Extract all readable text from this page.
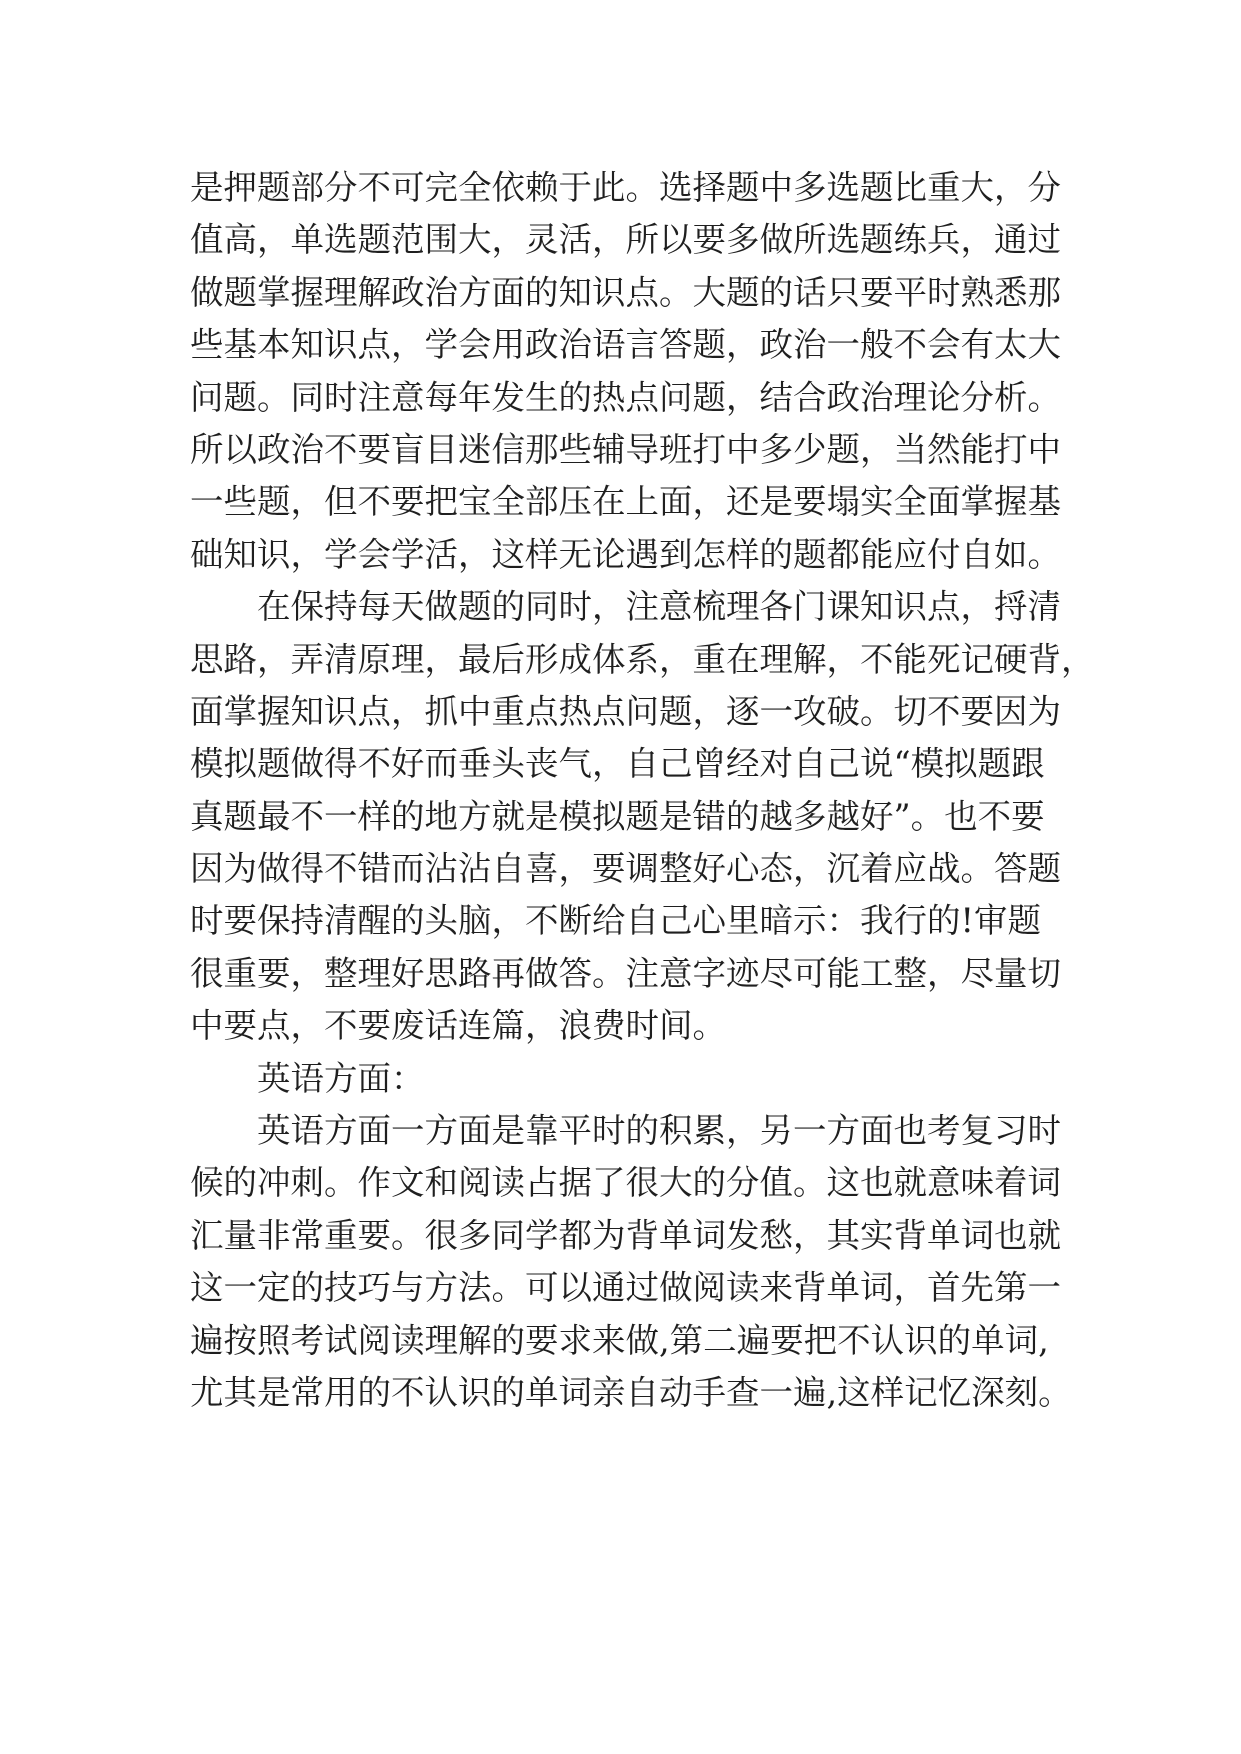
是押题部分不可完全依赖于此。选择题中多选题比重大，分
值高，单选题范围大，灵活，所以要多做所选题练兵，通过
做题掌握理解政治方面的知识点。大题的话只要平时熟悉那
些基本知识点，学会用政治语言答题，政治一般不会有太大
问题。同时注意每年发生的热点问题，结合政治理论分析。
所以政治不要盲目迷信那些辅导班打中多少题，当然能打中
一些题，但不要把宝全部压在上面，还是要塌实全面掌握基
础知识，学会学活，这样无论遇到怎样的题都能应付自如。
在保持每天做题的同时，注意梳理各门课知识点，捋清
思路，弄清原理，最后形成体系，重在理解，不能死记硬背，
面掌握知识点，抓中重点热点问题，逐一攻破。切不要因为
模拟题做得不好而垂头丧气，自己曾经对自己说“模拟题跟
真题最不一样的地方就是模拟题是错的越多越好”。也不要
因为做得不错而沾沾自喜，要调整好心态，沉着应战。答题
时要保持清醒的头脑，不断给自己心里暗示：我行的!审题
很重要，整理好思路再做答。注意字迹尽可能工整，尽量切
中要点，不要废话连篇，浪费时间。
英语方面：
英语方面一方面是靠平时的积累，另一方面也考复习时
候的冲刺。作文和阅读占据了很大的分值。这也就意味着词
汇量非常重要。很多同学都为背单词发愁，其实背单词也就
这一定的技巧与方法。可以通过做阅读来背单词，首先第一
遍按照考试阅读理解的要求来做,第二遍要把不认识的单词,
尤其是常用的不认识的单词亲自动手查一遍,这样记忆深刻。
